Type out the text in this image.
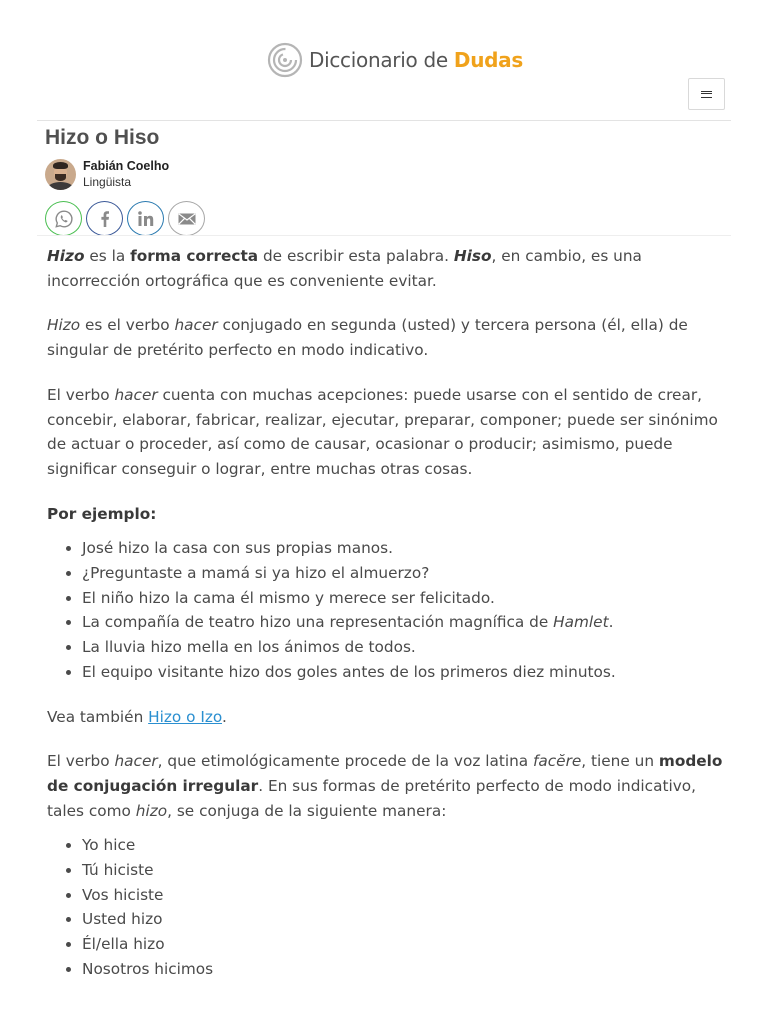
Diccionario de Dudas
Hizo o Hiso
Fabián Coelho
Lingüista

Hizo es la forma correcta de escribir esta palabra. Hiso, en cambio, es una incorrección ortográfica que es conveniente evitar.

Hizo es el verbo hacer conjugado en segunda (usted) y tercera persona (él, ella) de singular de pretérito perfecto en modo indicativo.

El verbo hacer cuenta con muchas acepciones: puede usarse con el sentido de crear, concebir, elaborar, fabricar, realizar, ejecutar, preparar, componer; puede ser sinónimo de actuar o proceder, así como de causar, ocasionar o producir; asimismo, puede significar conseguir o lograr, entre muchas otras cosas.

Por ejemplo:

• José hizo la casa con sus propias manos.
• ¿Preguntaste a mamá si ya hizo el almuerzo?
• El niño hizo la cama él mismo y merece ser felicitado.
• La compañía de teatro hizo una representación magnífica de Hamlet.
• La lluvia hizo mella en los ánimos de todos.
• El equipo visitante hizo dos goles antes de los primeros diez minutos.

Vea también Hizo o Izo.

El verbo hacer, que etimológicamente procede de la voz latina facĕre, tiene un modelo de conjugación irregular. En sus formas de pretérito perfecto de modo indicativo, tales como hizo, se conjuga de la siguiente manera:

• Yo hice
• Tú hiciste
• Vos hiciste
• Usted hizo
• Él/ella hizo
• Nosotros hicimos
